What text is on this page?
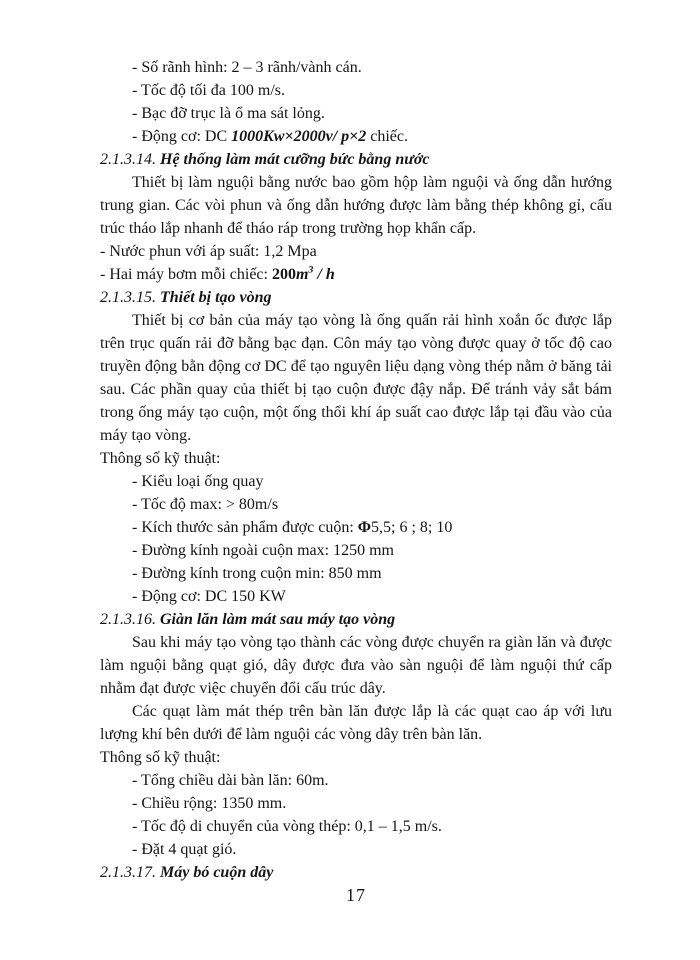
- Số rãnh hình: 2 – 3 rãnh/vành cán.

- Tốc độ tối đa 100 m/s.

- Bạc đỡ trục là ổ ma sát lỏng.

- Động cơ: DC 1000Kw×2000v/ p×2 chiếc.

2.1.3.14. Hệ thống làm mát cưỡng bức bằng nước

Thiết bị làm nguội bằng nước bao gồm hộp làm nguội và ống dẫn hướng trung gian. Các vòi phun và ống dẫn hướng được làm bằng thép không gỉ, cấu trúc tháo lắp nhanh để tháo ráp trong trường họp khẩn cấp.

- Nước phun với áp suất: 1,2 Mpa

- Hai máy bơm mỗi chiếc: $200m^3$ / h

2.1.3.15. Thiết bị tạo vòng

Thiết bị cơ bản của máy tạo vòng là ống quấn rải hình xoắn ốc được lắp trên trục quấn rải đỡ bằng bạc đạn. Côn máy tạo vòng được quay ở tốc độ cao truyền động bằn động cơ DC để tạo nguyên liệu dạng vòng thép nằm ở băng tải sau. Các phần quay của thiết bị tạo cuộn được đậy nắp. Để tránh vảy sắt bám trong ống máy tạo cuộn, một ống thổi khí áp suất cao được lắp tại đầu vào của máy tạo vòng.

Thông số kỹ thuật:

- Kiểu loại ống quay

- Tốc độ max: > 80m/s

- Kích thước sản phẩm được cuộn: Φ5,5; 6 ; 8; 10

- Đường kính ngoài cuộn max: 1250 mm

- Đường kính trong cuộn min: 850 mm

- Động cơ: DC 150 KW

2.1.3.16. Giàn lăn làm mát sau máy tạo vòng

Sau khi máy tạo vòng tạo thành các vòng được chuyển ra giàn lăn và được làm nguội bằng quạt gió, dây được đưa vào sàn nguội để làm nguội thứ cấp nhằm đạt được việc chuyển đổi cấu trúc dây.

Các quạt làm mát thép trên bàn lăn được lắp là các quạt cao áp với lưu lượng khí bên dưới để làm nguội các vòng dây trên bàn lăn.

Thông số kỹ thuật:

- Tổng chiều dài bàn lăn: 60m.

- Chiều rộng: 1350 mm.

- Tốc độ di chuyển của vòng thép: 0,1 – 1,5 m/s.

- Đặt 4 quạt gió.

2.1.3.17. Máy bó cuộn dây

17
